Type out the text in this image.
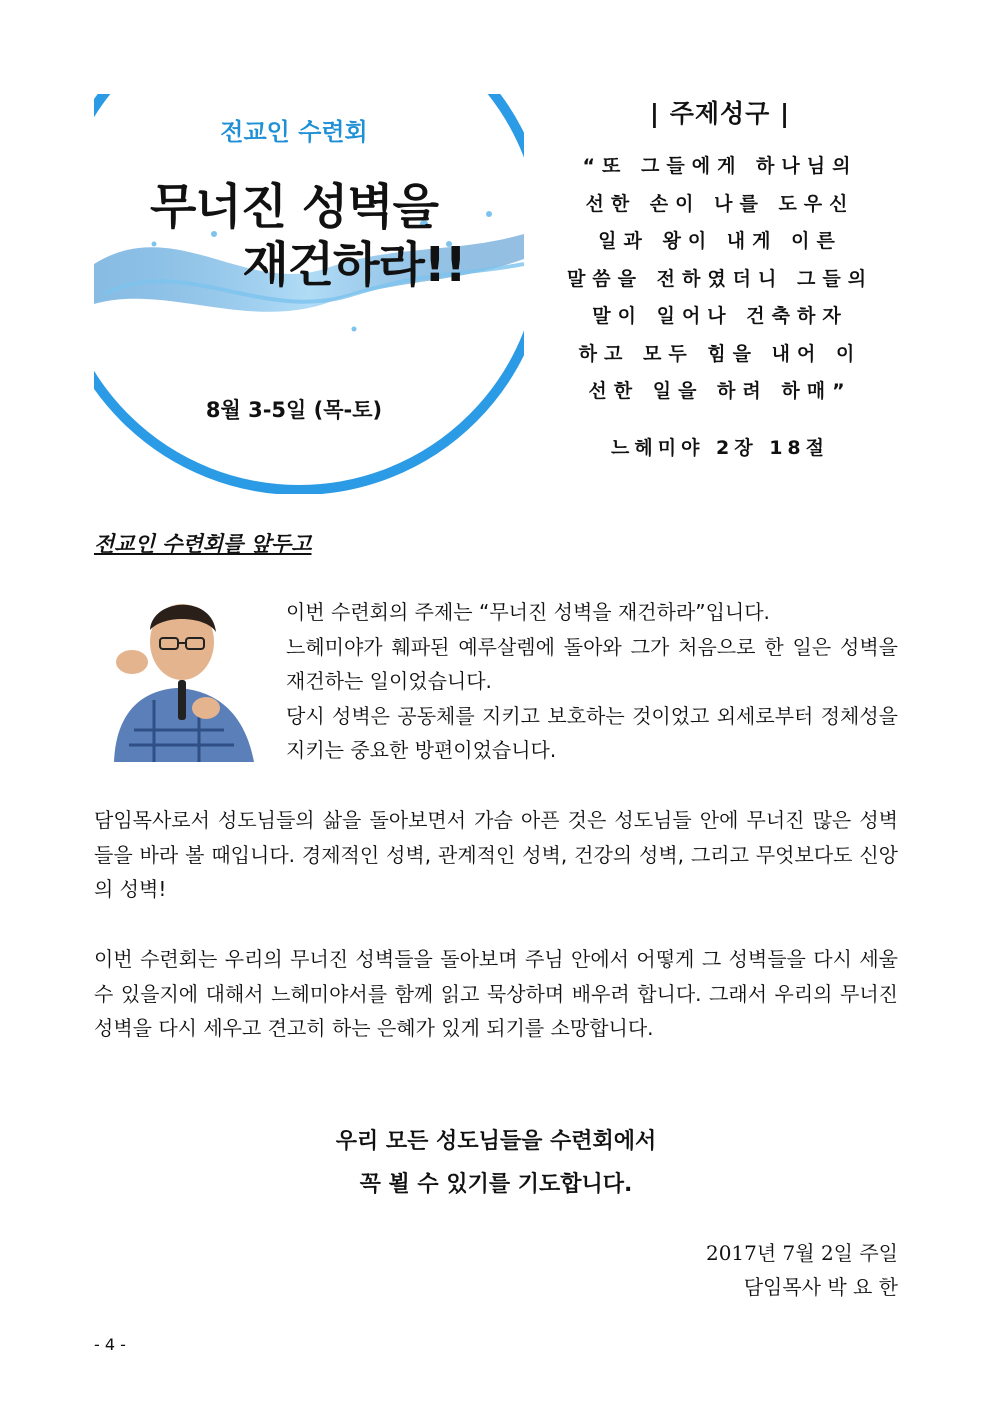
전교인 수련회
무너진 성벽을
재건하라!!
8월 3-5일 (목-토)

| 주제성구 |

“또 그들에게 하나님의

선한 손이 나를 도우신

일과 왕이 내게 이른

말씀을 전하였더니 그들의

말이 일어나 건축하자

하고 모두 힘을 내어 이

선한 일을 하려 하매”

느헤미야 2장 18절

전교인 수련회를 앞두고

이번 수련회의 주제는 “무너진 성벽을 재건하라”입니다.

느헤미야가 훼파된 예루살렘에 돌아와 그가 처음으로 한 일은 성벽을 재건하는 일이었습니다.

당시 성벽은 공동체를 지키고 보호하는 것이었고 외세로부터 정체성을 지키는 중요한 방편이었습니다.

담임목사로서 성도님들의 삶을 돌아보면서 가슴 아픈 것은 성도님들 안에 무너진 많은 성벽들을 바라 볼 때입니다. 경제적인 성벽, 관계적인 성벽, 건강의 성벽, 그리고 무엇보다도 신앙의 성벽!

이번 수련회는 우리의 무너진 성벽들을 돌아보며 주님 안에서 어떻게 그 성벽들을 다시 세울 수 있을지에 대해서 느헤미야서를 함께 읽고 묵상하며 배우려 합니다. 그래서 우리의 무너진 성벽을 다시 세우고 견고히 하는 은혜가 있게 되기를 소망합니다.

우리 모든 성도님들을 수련회에서

꼭 뵐 수 있기를 기도합니다.

2017년 7월 2일 주일

담임목사 박 요 한

- 4 -
